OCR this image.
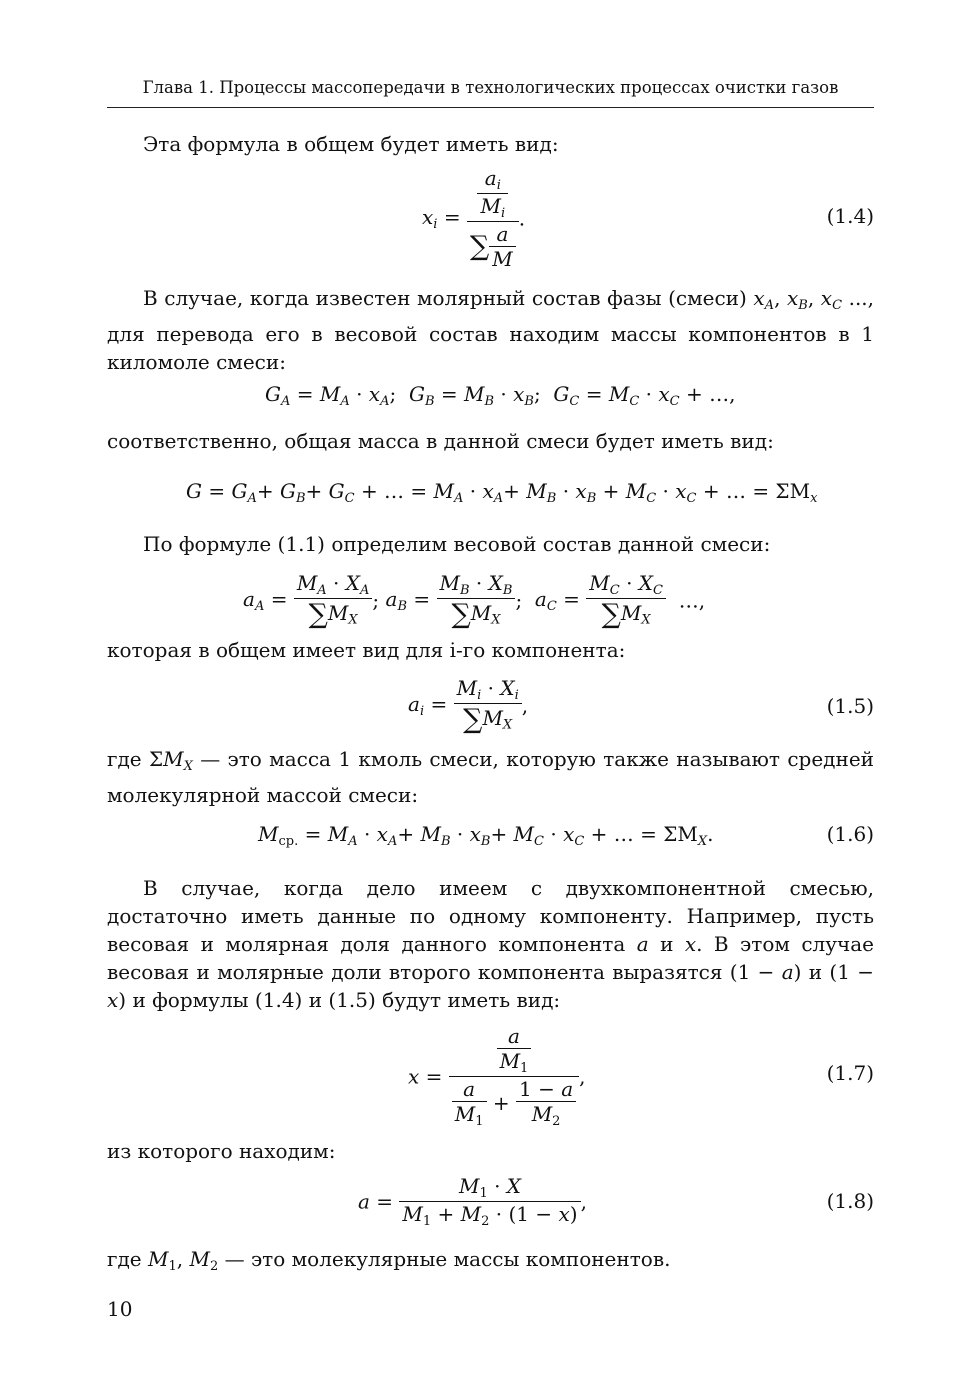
Глава 1. Процессы массопередачи в технологических процессах очистки газов

Эта формула в общем будет иметь вид:

$x_i = \frac{\frac{a_i}{M_i}}{\sum \frac{a}{M}}$ .	(1.4)

В случае, когда известен молярный состав фазы (смеси) $x_A$, $x_B$, $x_C$ ..., для перевода его в весовой состав находим массы компонентов в 1 киломоле смеси:

$G_A = M_A \cdot x_A$;  $G_B = M_B \cdot x_B$;  $G_C = M_C \cdot x_C$ + …,

соответственно, общая масса в данной смеси будет иметь вид:

$G = G_A+ G_B+ G_C$ + … = $M_A \cdot x_A+ M_B \cdot x_B + M_C \cdot x_C$ + … = $\Sigma M_x$

По формуле (1.1) определим весовой состав данной смеси:

$a_A = \frac{M_A \cdot X_A}{\sum M_X}$ ; $a_B = \frac{M_B \cdot X_B}{\sum M_X}$ ;  $a_C = \frac{M_C \cdot X_C}{\sum M_X}$ …,

которая в общем имеет вид для i-го компонента:

$a_i = \frac{M_i \cdot X_i}{\sum M_X}$ ,	(1.5)

где $\Sigma M_X$ — это масса 1 кмоль смеси, которую также называют средней молекулярной массой смеси:

$M_{ср.} = M_A \cdot x_A+ M_B \cdot x_B+ M_C \cdot x_C$ + … = $\Sigma M_X$.	(1.6)

В случае, когда дело имеем с двухкомпонентной смесью, достаточно иметь данные по одному компоненту. Например, пусть весовая и молярная доля данного компонента a и x. В этом случае весовая и молярные доли второго компонента выразятся (1 − a) и (1 − x) и формулы (1.4) и (1.5) будут иметь вид:

$x = \frac{\frac{a}{M_1}}{\frac{a}{M_1} + \frac{1 - a}{M_2}}$ ,	(1.7)

из которого находим:

$a = \frac{M_1 \cdot X}{M_1 + M_2 \cdot (1 - x)}$ ,	(1.8)

где $M_1$, $M_2$ — это молекулярные массы компонентов.

10
